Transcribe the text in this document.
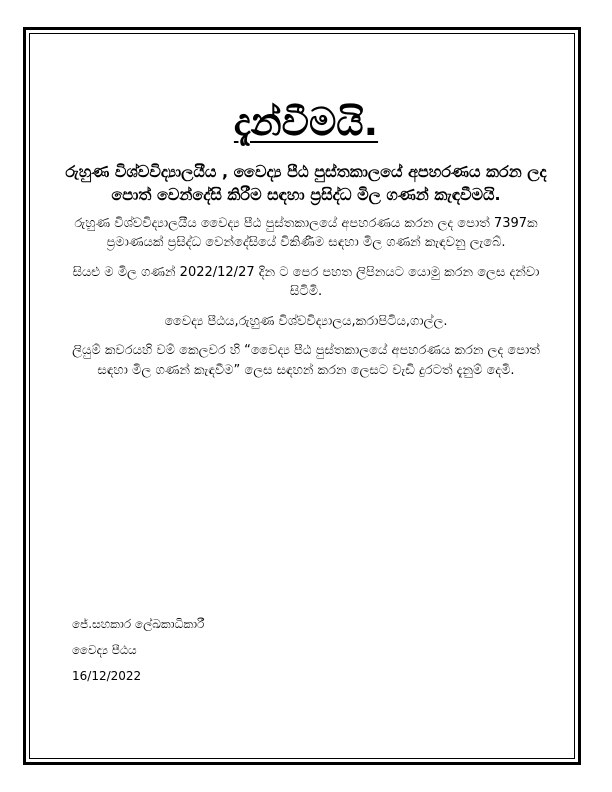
දැන්වීමයි.
රුහුණ විශ්වවිද්‍යාලයීය , වෛද්‍ය පීඨ පුස්තකාලයේ අපහරණය කරන ලද පොත් වෙන්දේසි කිරීම සඳහා ප්‍රසිද්ධ මිල ගණන් කැඳවීමයි.

රුහුණ විශ්වවිද්‍යාලයීය වෛද්‍ය පීඨ පුස්තකාලයේ අපහරණය කරන ලද පොත් 7397ක ප්‍රමාණයක් ප්‍රසිද්ධ වෙන්දේසියේ විකිණීම සඳහා මිල ගණන් කැඳවනු ලැබේ.

සියළු ම මිල ගණන් 2022/12/27 දින ට පෙර පහත ලිපිනයට යොමු කරන ලෙස දන්වා සිටිමි.

වෛද්‍ය පීඨය,රුහුණ විශ්වවිද්‍යාලය,කරාපිටිය,ගාල්ල.

ලියුම් කවරයහි වම් කෙලවර හි “වෛද්‍ය පීඨ පුස්තකාලයේ අපහරණය කරන ලද පොත් සඳහා මිල ගණන් කැඳවීම” ලෙස සඳහන් කරන ලෙසට වැඩි දුරටත් දැනුම් දෙමි.

ජේ.සහකාර ලේඛකාධිකාරී
වෛද්‍ය පීඨය
16/12/2022
